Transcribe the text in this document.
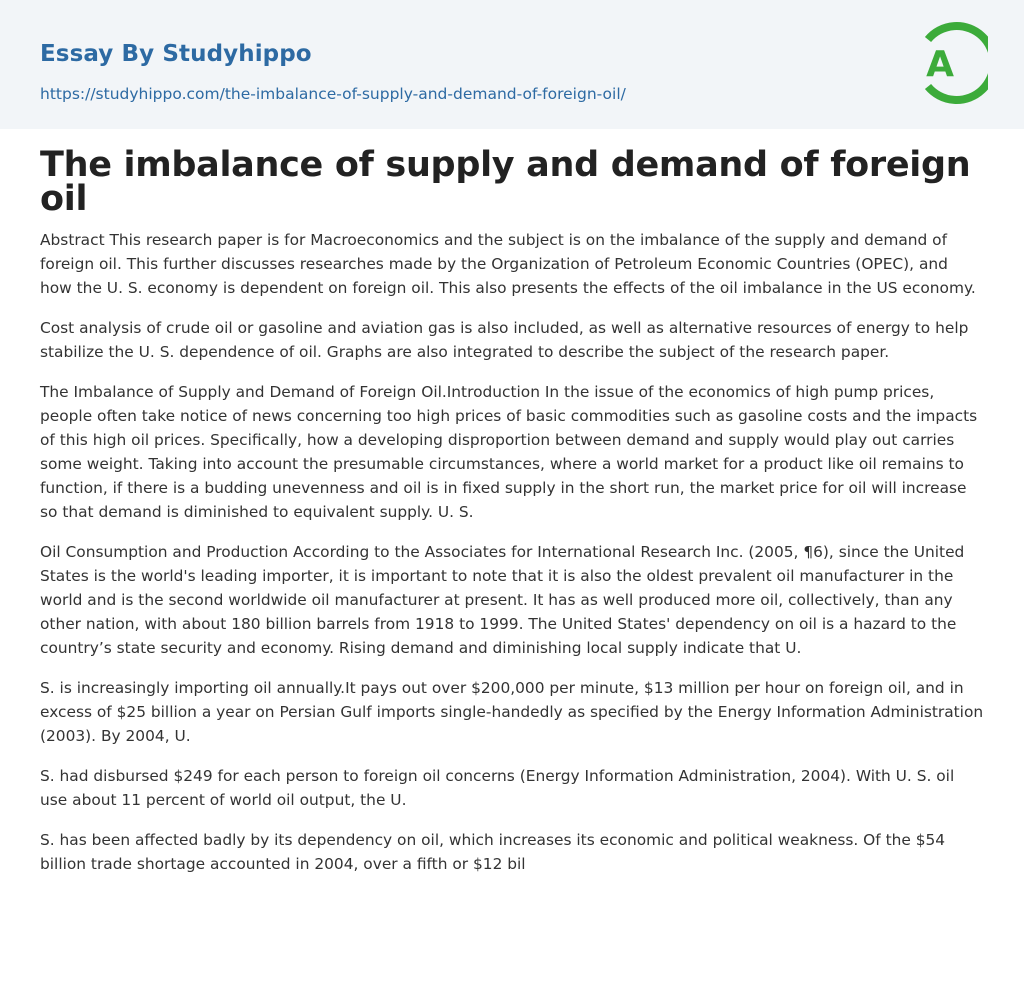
Essay By Studyhippo
https://studyhippo.com/the-imbalance-of-supply-and-demand-of-foreign-oil/
A
The imbalance of supply and demand of foreign oil

Abstract This research paper is for Macroeconomics and the subject is on the imbalance of the supply and demand of foreign oil. This further discusses researches made by the Organization of Petroleum Economic Countries (OPEC), and how the U. S. economy is dependent on foreign oil. This also presents the effects of the oil imbalance in the US economy.

Cost analysis of crude oil or gasoline and aviation gas is also included, as well as alternative resources of energy to help stabilize the U. S. dependence of oil. Graphs are also integrated to describe the subject of the research paper.

The Imbalance of Supply and Demand of Foreign Oil.Introduction In the issue of the economics of high pump prices, people often take notice of news concerning too high prices of basic commodities such as gasoline costs and the impacts of this high oil prices. Specifically, how a developing disproportion between demand and supply would play out carries some weight. Taking into account the presumable circumstances, where a world market for a product like oil remains to function, if there is a budding unevenness and oil is in fixed supply in the short run, the market price for oil will increase so that demand is diminished to equivalent supply. U. S.

Oil Consumption and Production According to the Associates for International Research Inc. (2005, ¶6), since the United States is the world's leading importer, it is important to note that it is also the oldest prevalent oil manufacturer in the world and is the second worldwide oil manufacturer at present. It has as well produced more oil, collectively, than any other nation, with about 180 billion barrels from 1918 to 1999. The United States' dependency on oil is a hazard to the country’s state security and economy. Rising demand and diminishing local supply indicate that U.

S. is increasingly importing oil annually.It pays out over $200,000 per minute, $13 million per hour on foreign oil, and in excess of $25 billion a year on Persian Gulf imports single-handedly as specified by the Energy Information Administration (2003). By 2004, U.

S. had disbursed $249 for each person to foreign oil concerns (Energy Information Administration, 2004). With U. S. oil use about 11 percent of world oil output, the U.

S. has been affected badly by its dependency on oil, which increases its economic and political weakness. Of the $54 billion trade shortage accounted in 2004, over a fifth or $12 bil
